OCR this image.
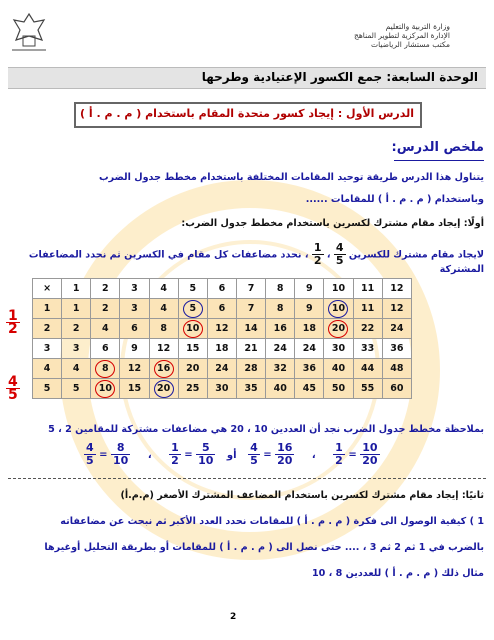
وزارة التربية والتعليم
الإدارة المركزية لتطوير المناهج
مكتب مستشار الرياضيات
الوحدة السابعة: جمع الكسور الإعتيادية وطرحها
الدرس الأول : إيجاد كسور متحدة المقام باستخدام ( م . م . أ )
ملخص الدرس:
يتناول هذا الدرس طريقة توحيد المقامات المختلفة باستخدام مخطط جدول الضرب
وباستخدام ( م . م . أ ) للمقامات ......
أولًا: إيجاد مقام مشترك لكسرين باستخدام مخطط جدول الضرب:
لايجاد مقام مشترك للكسرين
$\frac{4}{5}$
،
$\frac{1}{2}$
، نحدد مضاعفات كل مقام في الكسرين ثم نحدد المضاعفات
المشتركة
$\frac{1}{2}$
$\frac{4}{5}$
×	1	2	3	4	5	6	7	8	9	10	11	12
1	1	2	3	4	5	6	7	8	9	10	11	12
2	2	4	6	8	10	12	14	16	18	20	22	24
3	3	6	9	12	15	18	21	24	24	30	33	36
4	4	8	12	16	20	24	28	32	36	40	44	48
5	5	10	15	20	25	30	35	40	45	50	55	60
بملاحظة مخطط جدول الضرب نجد أن العددين 10 ، 20 هي مضاعفات مشتركة للمقامين 2 ، 5
$\frac{4}{5} = \frac{8}{10}$ ، $\frac{1}{2} = \frac{5}{10}$ أو $\frac{4}{5} = \frac{16}{20}$ ، $\frac{1}{2} = \frac{10}{20}$
ثانيًا: إيجاد مقام مشترك لكسرين باستخدام المضاعف المشترك الأصغر (م.م.أ)
1 ) كيفية الوصول الى فكرة ( م . م . أ ) للمقامات نحدد العدد الأكبر ثم نبحث عن مضاعفاته
بالضرب في 1 ثم 2 ثم 3 ، .... حتى نصل الى ( م . م . أ ) للمقامات أو بطريقة التحليل أوغيرها
مثال ذلك ( م . م . أ ) للعددين 8 ، 10
2
